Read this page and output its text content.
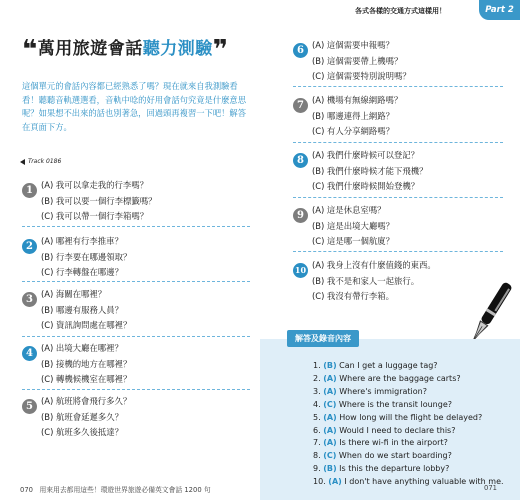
各式各樣的交通方式這樣用！	Part 2
❝萬用旅遊會話聽力測驗❞
這個單元的會話內容都已經熟悉了嗎？現在就來自我測驗看看！聽聽音軌選選看，音軌中唸的好用會話句究竟是什麼意思呢？如果想不出來的話也別著急，回過頭再複習一下吧！解答在頁面下方。
Track 0186
1 (A) 我可以拿走我的行李嗎？
(B) 我可以要一個行李標籤嗎？
(C) 我可以帶一個行李箱嗎？
2 (A) 哪裡有行李推車？
(B) 行李要在哪邊領取？
(C) 行李轉盤在哪邊？
3 (A) 海關在哪裡？
(B) 哪邊有服務人員？
(C) 資訊詢問處在哪裡？
4 (A) 出境大廳在哪裡？
(B) 接機的地方在哪裡？
(C) 轉機候機室在哪裡？
5 (A) 航班將會飛行多久？
(B) 航班會延遲多久？
(C) 航班多久後抵達？
6 (A) 這個需要申報嗎？
(B) 這個需要帶上機嗎？
(C) 這個需要特別說明嗎？
7 (A) 機場有無線網路嗎？
(B) 哪邊連得上網路？
(C) 有人分享網路嗎？
8 (A) 我們什麼時候可以登記？
(B) 我們什麼時候才能下飛機？
(C) 我們什麼時候開始登機？
9 (A) 這是休息室嗎？
(B) 這是出境大廳嗎？
(C) 這是哪一個航廈？
10 (A) 我身上沒有什麼值錢的東西。
(B) 我不是和家人一起旅行。
(C) 我沒有帶行李箱。
解答及錄音內容
1. (B) Can I get a luggage tag?
2. (A) Where are the baggage carts?
3. (A) Where's immigration?
4. (C) Where is the transit lounge?
5. (A) How long will the flight be delayed?
6. (A) Would I need to declare this?
7. (A) Is there wi-fi in the airport?
8. (C) When do we start boarding?
9. (B) Is this the departure lobby?
10. (A) I don't have anything valuable with me.
070 用來用去都用這些！環遊世界旅遊必備英文會話 1200 句	071
